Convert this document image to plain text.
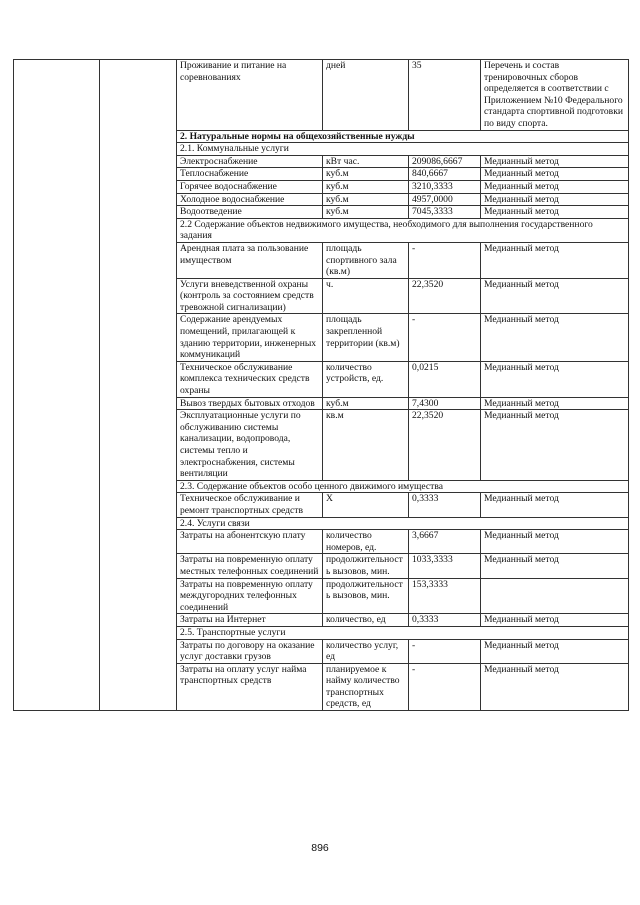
		Проживание и питание на соревнованиях	дней	35	Перечень и состав тренировочных сборов определяется в соответствии с Приложением №10 Федерального стандарта спортивной подготовки по виду спорта.
		2. Натуральные нормы на общехозяйственные нужды			
		2.1. Коммунальные услуги			
		Электроснабжение	кВт час.	209086,6667	Медианный метод
		Теплоснабжение	куб.м	840,6667	Медианный метод
		Горячее водоснабжение	куб.м	3210,3333	Медианный метод
		Холодное водоснабжение	куб.м	4957,0000	Медианный метод
		Водоотведение	куб.м	7045,3333	Медианный метод
		2.2 Содержание объектов недвижимого имущества, необходимого для выполнения государственного задания			
		Арендная плата за пользование имуществом	площадь спортивного зала (кв.м)	-	Медианный метод
		Услуги вневедственной охраны (контроль за состоянием средств тревожной сигнализации)	ч.	22,3520	Медианный метод
		Содержание арендуемых помещений, прилагающей к зданию территории, инженерных коммуникаций	площадь закрепленной территории (кв.м)	-	Медианный метод
		Техническое обслуживание комплекса технических средств охраны	количество устройств, ед.	0,0215	Медианный метод
		Вывоз твердых бытовых отходов	куб.м	7,4300	Медианный метод
		Эксплуатационные услуги по обслуживанию системы канализации, водопровода, системы тепло и электроснабжения, системы вентиляции	кв.м	22,3520	Медианный метод
		2.3. Содержание объектов особо ценного движимого имущества			
		Техническое обслуживание и ремонт транспортных средств	Х	0,3333	Медианный метод
		2.4. Услуги связи			
		Затраты на абонентскую плату	количество номеров, ед.	3,6667	Медианный метод
		Затраты на повременную оплату местных телефонных соединений	продолжительность вызовов, мин.	1033,3333	Медианный метод
		Затраты на повременную оплату междугородних телефонных соединений	продолжительность вызовов, мин.	153,3333	
		Затраты на Интернет	количество, ед	0,3333	Медианный метод
		2.5. Транспортные услуги			
		Затраты по договору на оказание услуг доставки грузов	количество услуг, ед	-	Медианный метод
		Затраты на оплату услуг найма транспортных средств	планируемое к найму количество транспортных средств, ед	-	Медианный метод
896
